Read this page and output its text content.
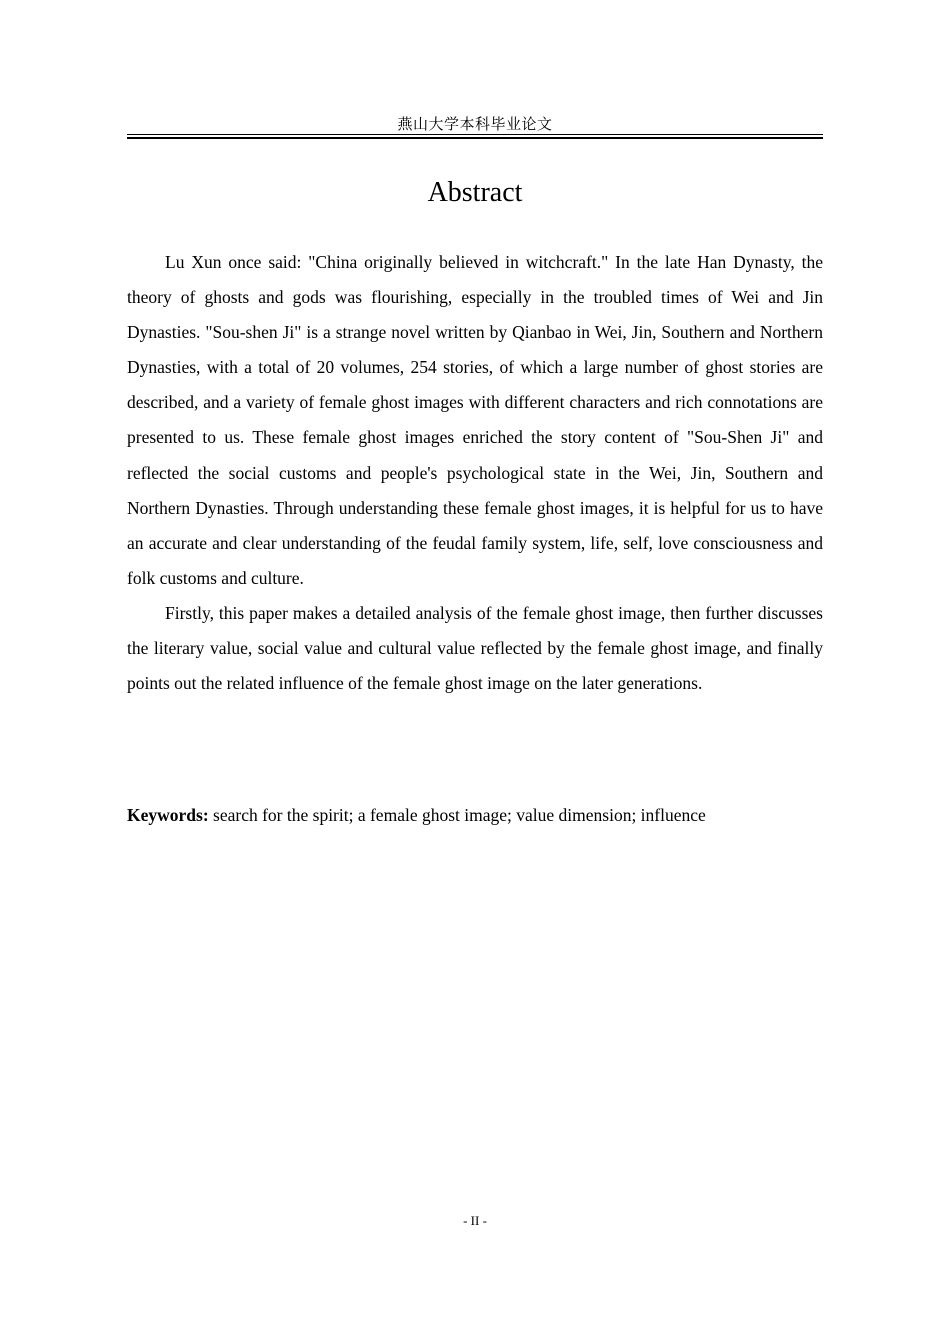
燕山大学本科毕业论文
Abstract

Lu Xun once said: "China originally believed in witchcraft." In the late Han Dynasty, the theory of ghosts and gods was flourishing, especially in the troubled times of Wei and Jin Dynasties. "Sou-shen Ji" is a strange novel written by Qianbao in Wei, Jin, Southern and Northern Dynasties, with a total of 20 volumes, 254 stories, of which a large number of ghost stories are described, and a variety of female ghost images with different characters and rich connotations are presented to us. These female ghost images enriched the story content of "Sou-Shen Ji" and reflected the social customs and people's psychological state in the Wei, Jin, Southern and Northern Dynasties. Through understanding these female ghost images, it is helpful for us to have an accurate and clear understanding of the feudal family system, life, self, love consciousness and folk customs and culture.

Firstly, this paper makes a detailed analysis of the female ghost image, then further discusses the literary value, social value and cultural value reflected by the female ghost image, and finally points out the related influence of the female ghost image on the later generations.

Keywords: search for the spirit; a female ghost image; value dimension; influence
- II -
